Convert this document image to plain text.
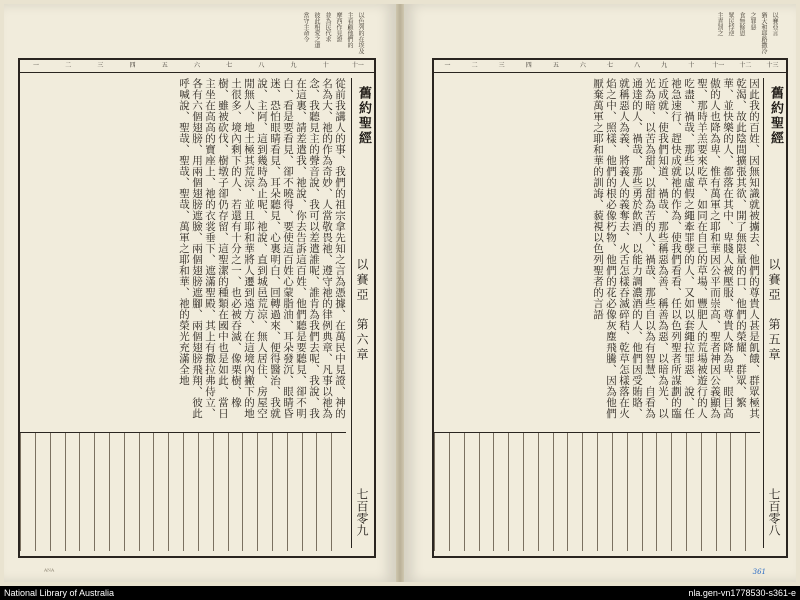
以色列的在埃及
主看顧他們的
摩西作見證
並為民代求
彼此相愛之道
當守主命令
十一
十
九
八
七
六
五
四
三
二
一

從前我講人的事、我們的祖宗拿先知之言為憑據、在萬民中見證、神的名為大、祂的作為奇妙、人當敬畏祂、遵守祂的律例典章、凡事以祂為念、我聽見主的聲音說、我可以差遣誰呢、誰肯為我們去呢、我說、我在這裏、請差遣我、祂說、你去告訴這百姓、他們聽是要聽見、卻不明白、看是要看見、卻不曉得、要使這百姓心蒙脂油、耳朵發沉、眼睛昏迷、恐怕眼睛看見、耳朵聽見、心裏明白、回轉過來、便得醫治、我就說、主阿、這到幾時為止呢、祂說、直到城邑荒涼、無人居住、房屋空閒無人、地土極其荒涼、並且耶和華將人遷到遠方、在這境內撇下的地土很多、境內剩下的人、若還有十分之一、也必被吞滅、像栗樹、橡樹、雖被砍伐、樹墩子卻仍存留、這聖潔的種類在國中也是如此、當日主坐在高高的寶座上、祂的衣裳垂下、遮滿聖殿、其上有撒拉弗侍立、各有六個翅膀、用兩個翅膀遮臉、兩個翅膀遮腳、兩個翅膀飛翔、彼此呼喊說、聖哉、聖哉、聖哉、萬軍之耶和華、祂的榮光充滿全地	舊約聖經
以賽亞　第六章
七百零九
ᴬᴺᴬ
以賽亞言
猶大和耶路撒冷
之罪惡
食無餘恩
眾民悖逆
主責罰之
十三
十二
十一
十
九
八
七
六
五
四
三
二
一

因此我的百姓、因無知識就被擄去、他們的尊貴人甚是飢餓、群眾極其乾渴、故此陰間擴張其欲、開了無限量的口、他們的榮耀、群眾、繁華、並快樂的人、都落在其中、卑賤人被壓服、尊貴人降為卑、眼目高傲的人也降為卑、惟有萬軍之耶和華因公平而崇高、聖者神因公義顯為聖、那時羊羔要來吃草、如同在自己的草場、豐肥人的荒場被遊行的人吃盡、禍哉、那些以虛假之繩牽罪孽的人、又如以套繩拉罪惡、說、任祂急速行、趕快成就祂的作為、使我們看看、任以色列聖者所謀劃的臨近成就、使我們知道、禍哉、那些稱惡為善、稱善為惡、以暗為光、以光為暗、以苦為甜、以甜為苦的人、禍哉、那些自以為有智慧、自看為通達的人、禍哉、那些勇於飲酒、以能力調濃酒的人、他們因受賄賂、就稱惡人為義、將義人的義奪去、火舌怎樣吞滅碎秸、乾草怎樣落在火焰之中、照樣、他們的根必像朽物、他們的花必像灰塵飛騰、因為他們厭棄萬軍之耶和華的訓誨、藐視以色列聖者的言語	舊約聖經
以賽亞　第五章
七百零八
361
National Library of Australia	nla.gen-vn1778530-s361-e
